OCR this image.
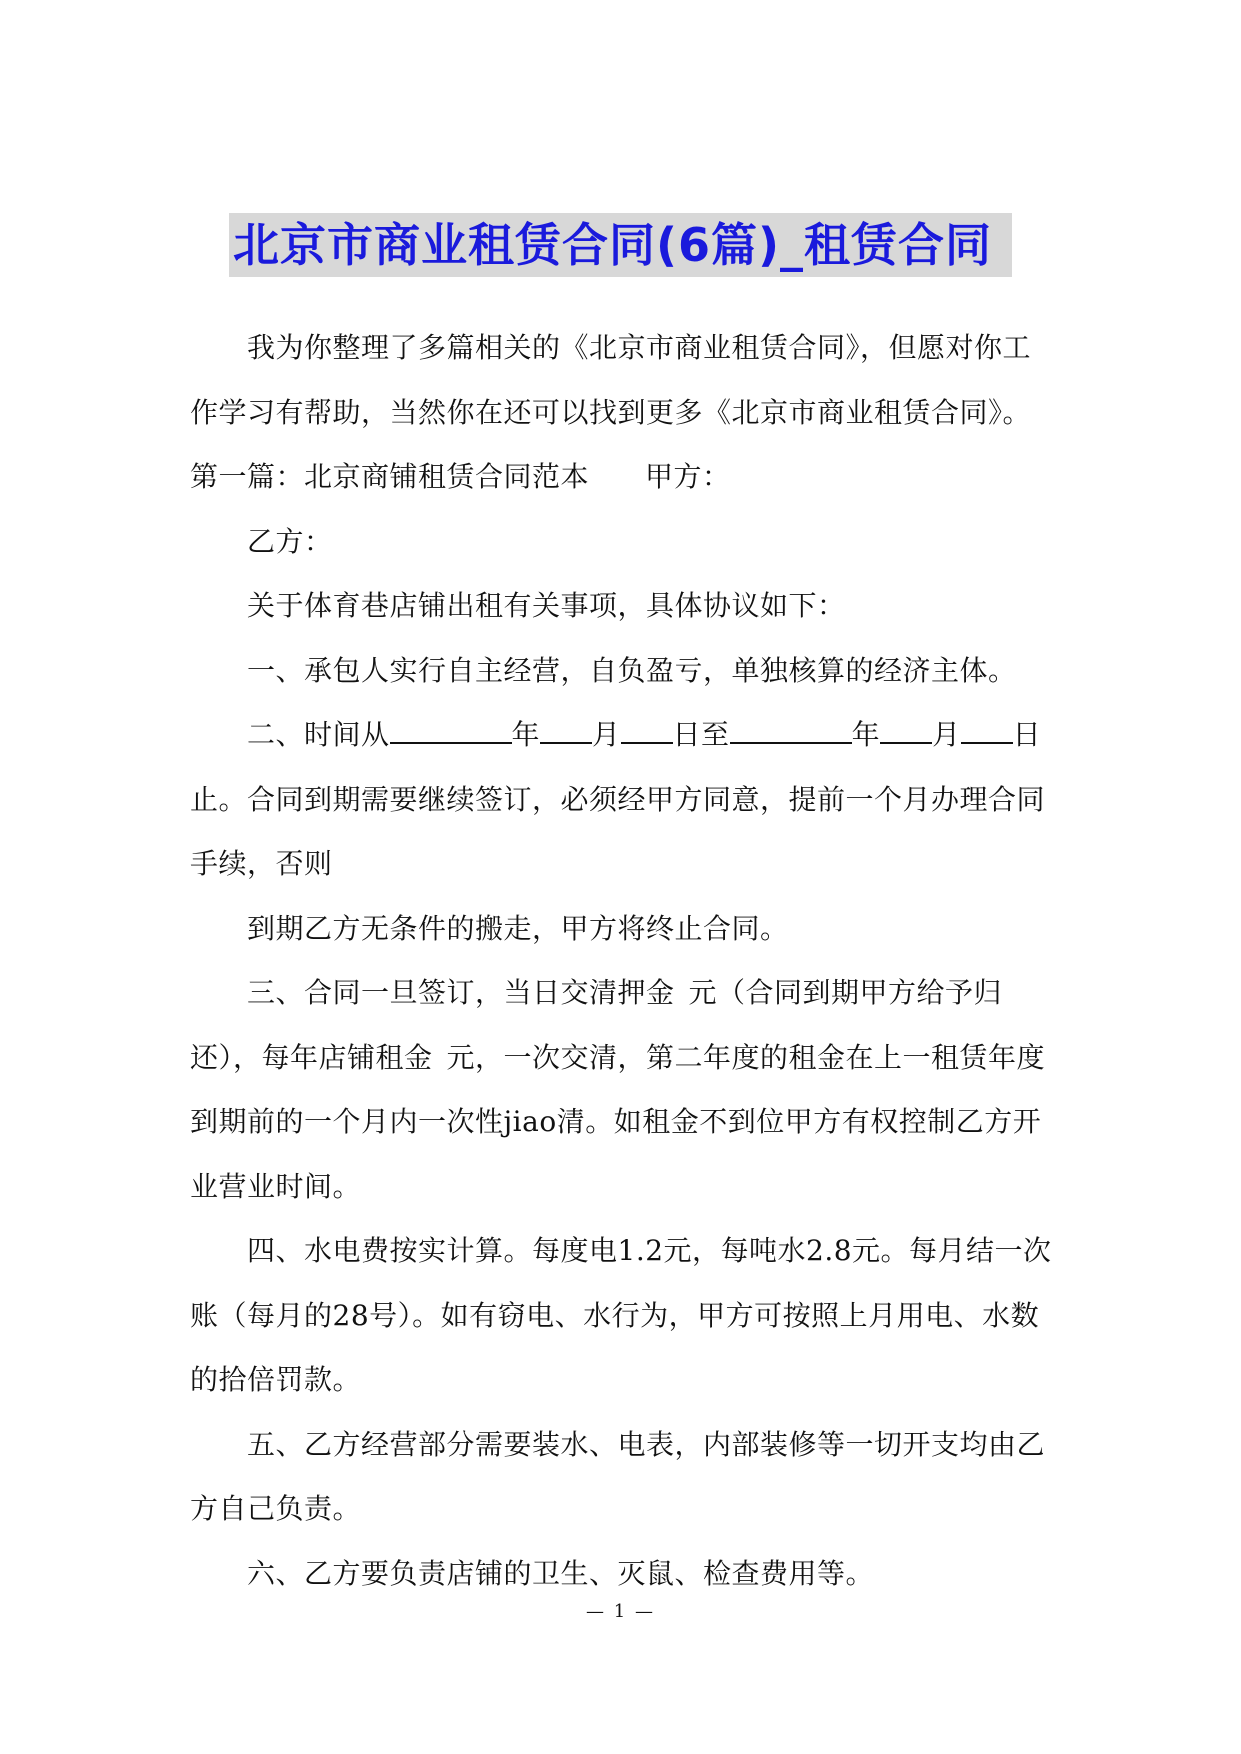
北京市商业租赁合同(6篇)_租赁合同

我为你整理了多篇相关的《北京市商业租赁合同》，但愿对你工作学习有帮助，当然你在还可以找到更多《北京市商业租赁合同》。

第一篇：北京商铺租赁合同范本 甲方：

乙方：

关于体育巷店铺出租有关事项，具体协议如下：

一、承包人实行自主经营，自负盈亏，单独核算的经济主体。

二、时间从	年 月 日至	年 月 日止。合同到期需要继续签订，必须经甲方同意，提前一个月办理合同手续，否则

到期乙方无条件的搬走，甲方将终止合同。

三、合同一旦签订，当日交清押金 元（合同到期甲方给予归还），每年店铺租金 元，一次交清，第二年度的租金在上一租赁年度到期前的一个月内一次性jiao清。如租金不到位甲方有权控制乙方开业营业时间。

四、水电费按实计算。每度电1.2元，每吨水2.8元。每月结一次账（每月的28号）。如有窃电、水行为，甲方可按照上月用电、水数的拾倍罚款。

五、乙方经营部分需要装水、电表，内部装修等一切开支均由乙方自己负责。

六、乙方要负责店铺的卫生、灭鼠、检查费用等。

— 1 —
